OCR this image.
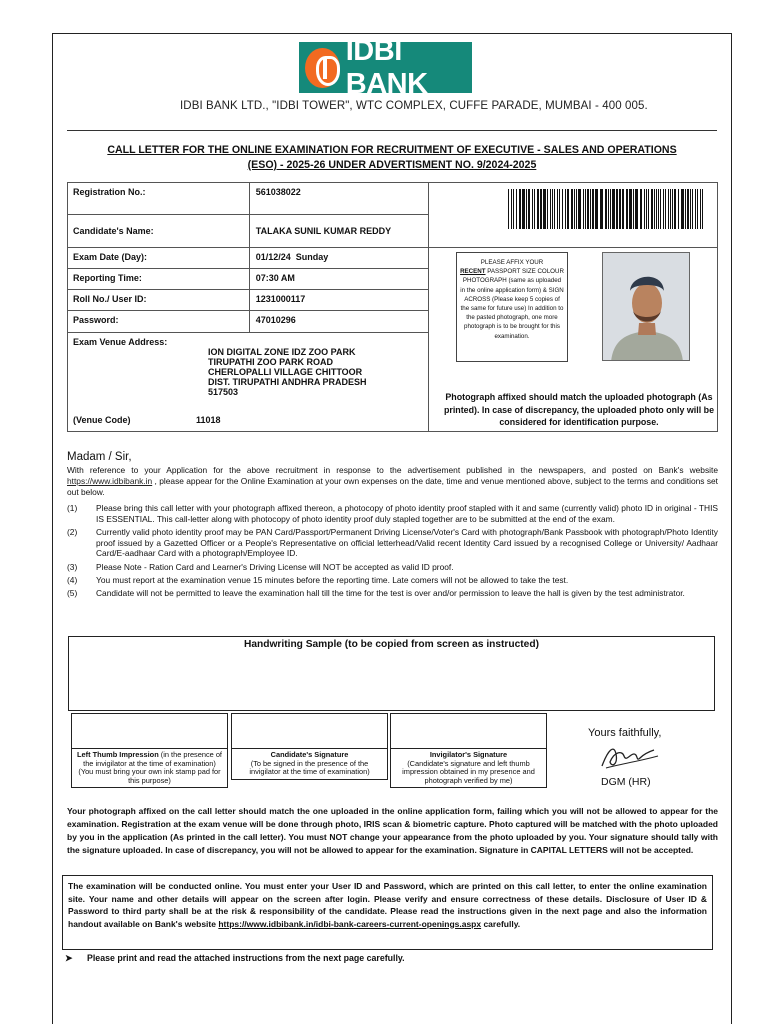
IDBI BANK
IDBI BANK LTD., "IDBI TOWER", WTC COMPLEX, CUFFE PARADE, MUMBAI - 400 005.
CALL LETTER FOR THE ONLINE EXAMINATION FOR RECRUITMENT OF EXECUTIVE - SALES AND OPERATIONS
(ESO) - 2025-26 UNDER ADVERTISMENT NO. 9/2024-2025
Registration No.:	561038022	
Candidate's Name:	TALAKA SUNIL KUMAR REDDY	
Exam Date (Day):	01/12/24  Sunday	
Reporting Time:	07:30 AM	
Roll No./ User ID:	1231000117	
Password:	47010296	

Exam Venue Address:
ION DIGITAL ZONE IDZ ZOO PARK
TIRUPATHI ZOO PARK ROAD
CHERLOPALLI VILLAGE CHITTOOR
DIST. TIRUPATHI ANDHRA PRADESH
517503
(Venue Code)	11018
PLEASE AFFIX YOUR
RECENT PASSPORT SIZE COLOUR PHOTOGRAPH (same as uploaded in the online application form) & SIGN ACROSS (Please keep 5 copies of the same for future use) In addition to the pasted photograph, one more photograph is to be brought for this examination.
Photograph affixed should match the uploaded photograph (As printed). In case of discrepancy, the uploaded photo only will be considered for identification purpose.
Madam / Sir,
With reference to your Application for the above recruitment in response to the advertisement published in the newspapers, and posted on Bank's website https://www.idbibank.in , please appear for the Online Examination at your own expenses on the date, time and venue mentioned above, subject to the terms and conditions set out below.
(1) Please bring this call letter with your photograph affixed thereon, a photocopy of photo identity proof stapled with it and same (currently valid) photo ID in original - THIS IS ESSENTIAL. This call-letter along with photocopy of photo identity proof duly stapled together are to be submitted at the end of the exam.
(2) Currently valid photo identity proof may be PAN Card/Passport/Permanent Driving License/Voter's Card with photograph/Bank Passbook with photograph/Photo Identity proof issued by a Gazetted Officer or a People's Representative on official letterhead/Valid recent Identity Card issued by a recognised College or University/ Aadhaar Card/E-aadhaar Card with a photograph/Employee ID.
(3) Please Note - Ration Card and Learner's Driving License will NOT be accepted as valid ID proof.
(4) You must report at the examination venue 15 minutes before the reporting time. Late comers will not be allowed to take the test.
(5) Candidate will not be permitted to leave the examination hall till the time for the test is over and/or permission to leave the hall is given by the test administrator.
Handwriting Sample (to be copied from screen as instructed)
Left Thumb Impression (in the presence of the invigilator at the time of examination) (You must bring your own ink stamp pad for this purpose)
Candidate's Signature
(To be signed in the presence of the invigilator at the time of examination)
Invigilator's Signature
(Candidate's signature and left thumb impression obtained in my presence and photograph verified by me)
Yours faithfully,
DGM (HR)
Your photograph affixed on the call letter should match the one uploaded in the online application form, failing which you will not be allowed to appear for the examination. Registration at the exam venue will be done through photo, IRIS scan & biometric capture. Photo captured will be matched with the photo uploaded by you in the application (As printed in the call letter). You must NOT change your appearance from the photo uploaded by you. Your signature should tally with the signature uploaded. In case of discrepancy, you will not be allowed to appear for the examination. Signature in CAPITAL LETTERS will not be accepted.
The examination will be conducted online. You must enter your User ID and Password, which are printed on this call letter, to enter the online examination site. Your name and other details will appear on the screen after login. Please verify and ensure correctness of these details. Disclosure of User ID & Password to third party shall be at the risk & responsibility of the candidate. Please read the instructions given in the next page and also the information handout available on Bank's website https://www.idbibank.in/idbi-bank-careers-current-openings.aspx carefully.
➤ Please print and read the attached instructions from the next page carefully.
